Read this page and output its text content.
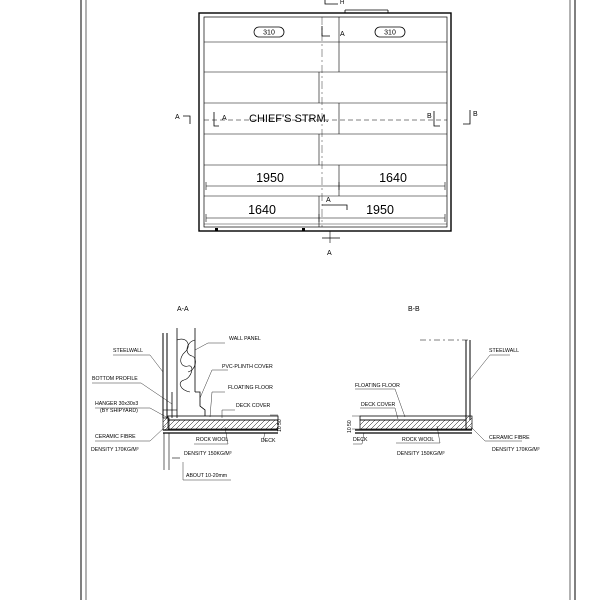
310	310
CHIEF'S STRM.
1950	1640
1640	1950
A	A	B	B
A
A
A
H
A-A
STEELWALL
WALL PANEL
PVC-PLINTH COVER
BOTTOM PROFILE
FLOATING FLOOR
HANGER 30x30x3
(BY SHIPYARD)
DECK COVER
CERAMIC FIBRE
DENSITY 170KG/M³
ROCK WOOL
DENSITY 150KG/M³
DECK
ABOUT 10-20mm
50
10
B-B
STEELWALL
FLOATING FLOOR
DECK COVER
DECK	ROCK WOOL
DENSITY 150KG/M³
CERAMIC FIBRE
DENSITY 170KG/M³
50
10
